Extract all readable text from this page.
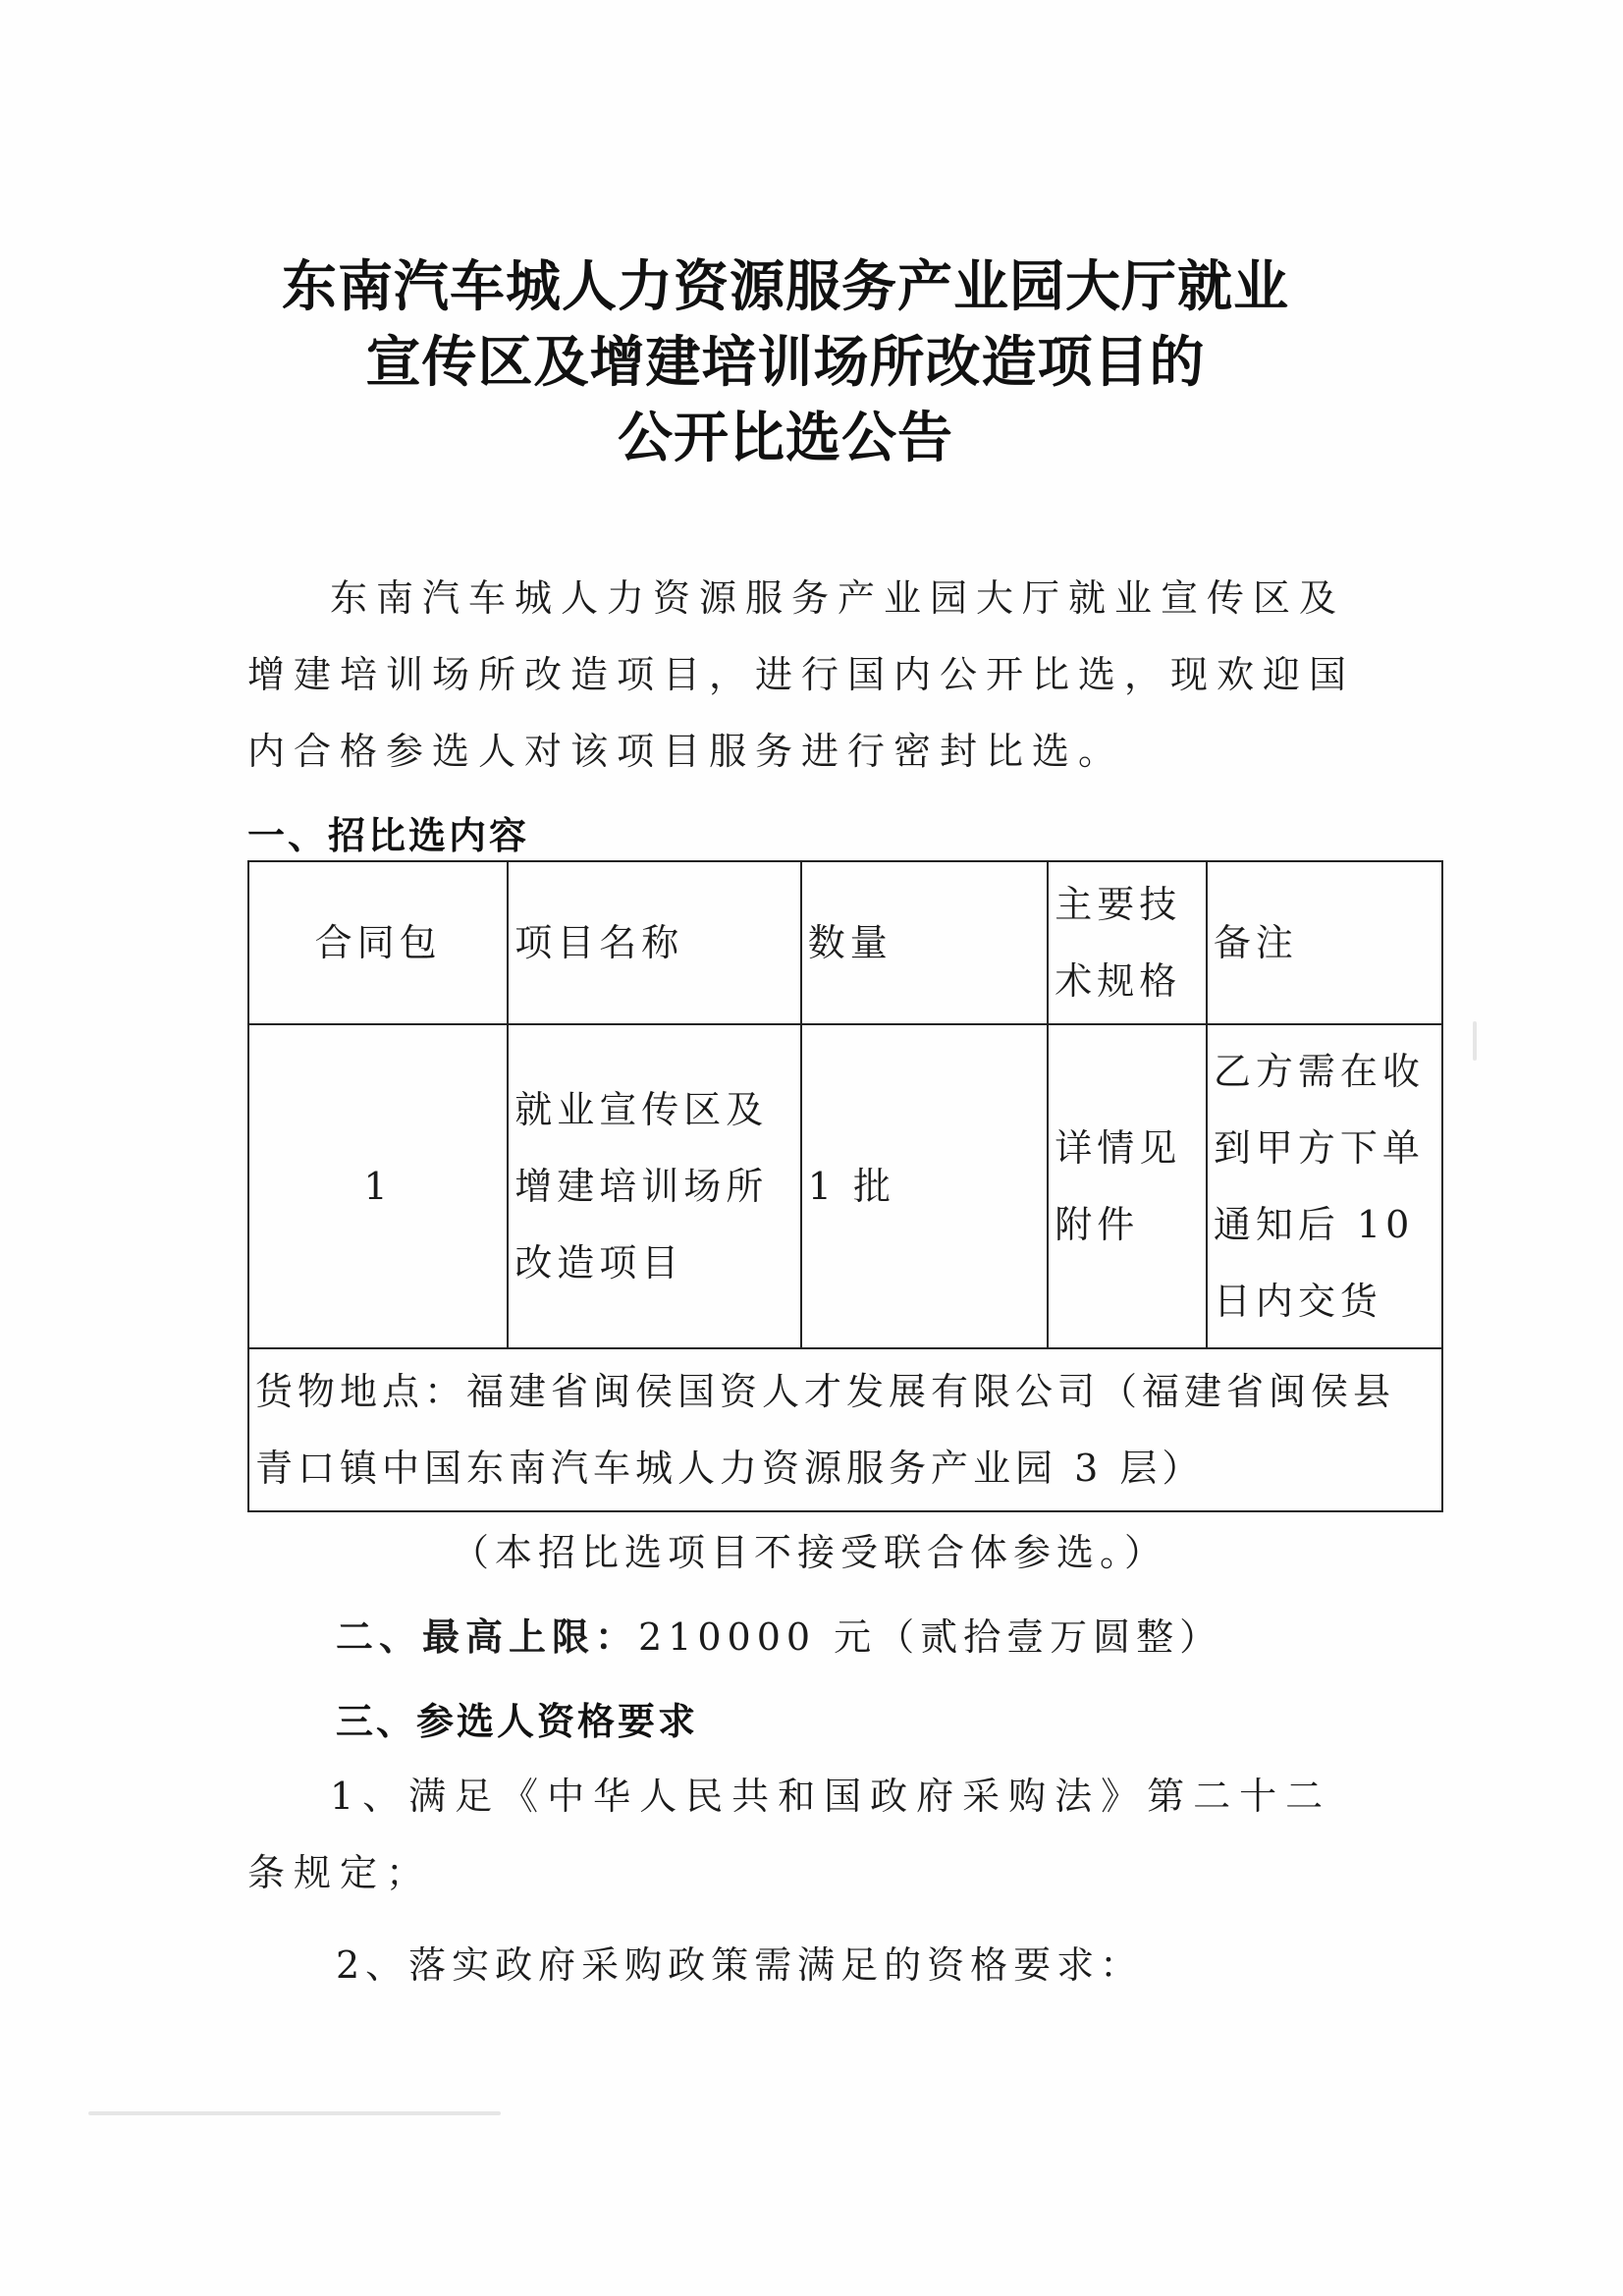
东南汽车城人力资源服务产业园大厅就业
宣传区及增建培训场所改造项目的
公开比选公告
东南汽车城人力资源服务产业园大厅就业宣传区及增建培训场所改造项目，进行国内公开比选，现欢迎国内合格参选人对该项目服务进行密封比选。
一、招比选内容
合同包	项目名称	数量	主要技术规格	备注
1	就业宣传区及增建培训场所改造项目	1 批	详情见附件	乙方需在收到甲方下单通知后 10 日内交货
货物地点：福建省闽侯国资人才发展有限公司（福建省闽侯县青口镇中国东南汽车城人力资源服务产业园 3 层）				
（本招比选项目不接受联合体参选。）
二、最高上限：210000 元（贰拾壹万圆整）
三、参选人资格要求
1、满足《中华人民共和国政府采购法》第二十二条规定；
2、落实政府采购政策需满足的资格要求：
